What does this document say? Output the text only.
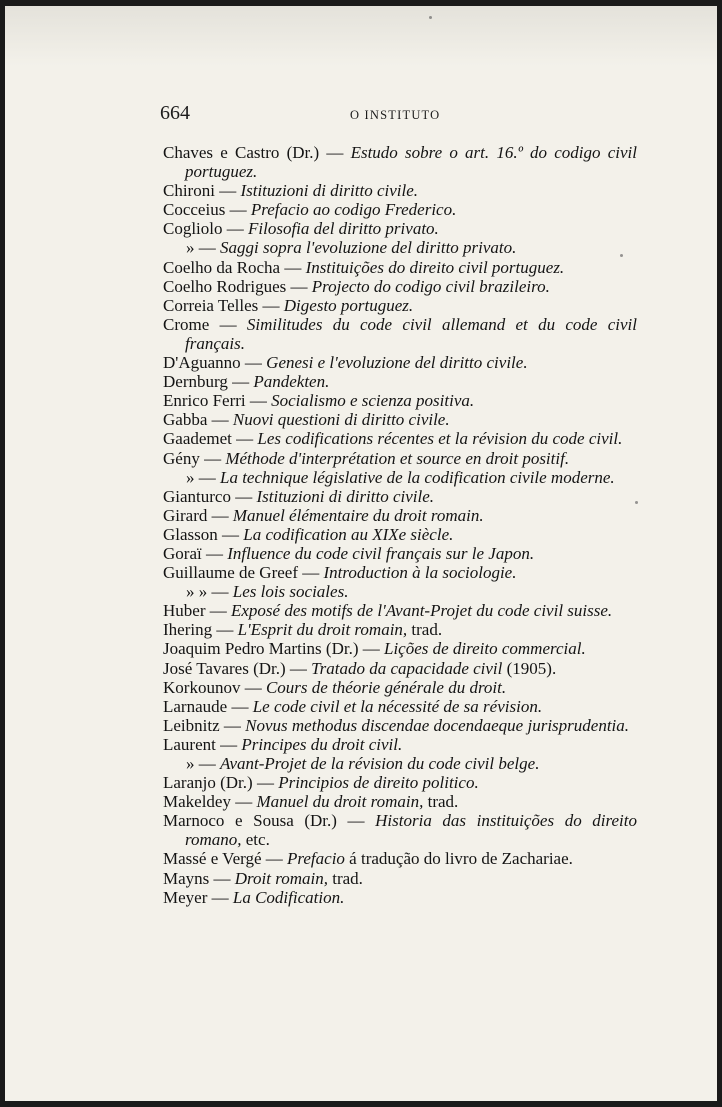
664	O INSTITUTO

Chaves e Castro (Dr.) — Estudo sobre o art. 16.º do codigo civil portuguez.

Chironi — Istituzioni di diritto civile.

Cocceius — Prefacio ao codigo Frederico.

Cogliolo — Filosofia del diritto privato.

» — Saggi sopra l'evoluzione del diritto privato.

Coelho da Rocha — Instituições do direito civil portuguez.

Coelho Rodrigues — Projecto do codigo civil brazileiro.

Correia Telles — Digesto portuguez.

Crome — Similitudes du code civil allemand et du code civil français.

D'Aguanno — Genesi e l'evoluzione del diritto civile.

Dernburg — Pandekten.

Enrico Ferri — Socialismo e scienza positiva.

Gabba — Nuovi questioni di diritto civile.

Gaademet — Les codifications récentes et la révision du code civil.

Gény — Méthode d'interprétation et source en droit positif.

» — La technique législative de la codification civile moderne.

Gianturco — Istituzioni di diritto civile.

Girard — Manuel élémentaire du droit romain.

Glasson — La codification au XIXe siècle.

Goraï — Influence du code civil français sur le Japon.

Guillaume de Greef — Introduction à la sociologie.

» » — Les lois sociales.

Huber — Exposé des motifs de l'Avant-Projet du code civil suisse.

Ihering — L'Esprit du droit romain, trad.

Joaquim Pedro Martins (Dr.) — Lições de direito commercial.

José Tavares (Dr.) — Tratado da capacidade civil (1905).

Korkounov — Cours de théorie générale du droit.

Larnaude — Le code civil et la nécessité de sa révision.

Leibnitz — Novus methodus discendae docendaeque jurisprudentia.

Laurent — Principes du droit civil.

» — Avant-Projet de la révision du code civil belge.

Laranjo (Dr.) — Principios de direito politico.

Makeldey — Manuel du droit romain, trad.

Marnoco e Sousa (Dr.) — Historia das instituições do direito romano, etc.

Massé e Vergé — Prefacio á tradução do livro de Zachariae.

Mayns — Droit romain, trad.

Meyer — La Codification.
